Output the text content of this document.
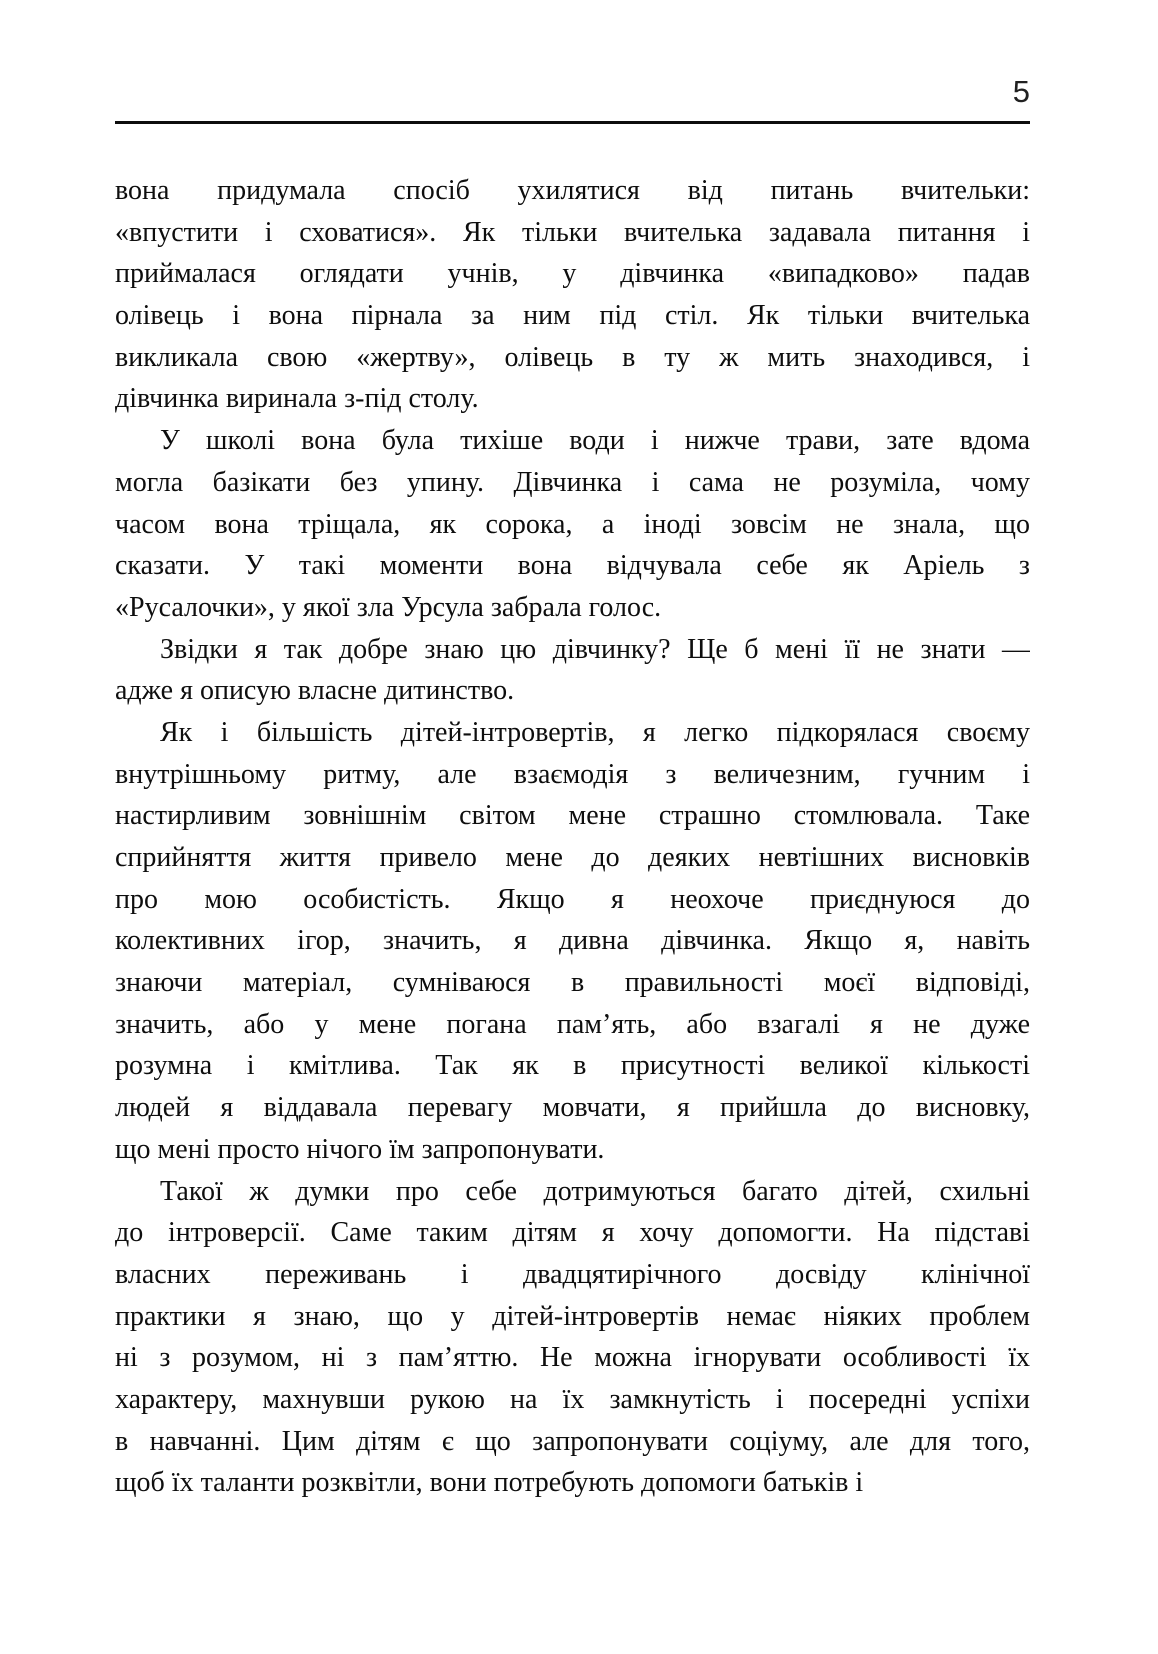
5
вона придумала спосіб ухилятися від питань вчительки:
«впустити і сховатися». Як тільки вчителька задавала питання і
приймалася оглядати учнів, у дівчинка «випадково» падав
олівець і вона пірнала за ним під стіл. Як тільки вчителька
викликала свою «жертву», олівець в ту ж мить знаходився, і
дівчинка виринала з-під столу.
У школі вона була тихіше води і нижче трави, зате вдома
могла базікати без упину. Дівчинка і сама не розуміла, чому
часом вона тріщала, як сорока, а іноді зовсім не знала, що
сказати. У такі моменти вона відчувала себе як Аріель з
«Русалочки», у якої зла Урсула забрала голос.
Звідки я так добре знаю цю дівчинку? Ще б мені її не знати —
адже я описую власне дитинство.
Як і більшість дітей-інтровертів, я легко підкорялася своєму
внутрішньому ритму, але взаємодія з величезним, гучним і
настирливим зовнішнім світом мене страшно стомлювала. Таке
сприйняття життя привело мене до деяких невтішних висновків
про мою особистість. Якщо я неохоче приєднуюся до
колективних ігор, значить, я дивна дівчинка. Якщо я, навіть
знаючи матеріал, сумніваюся в правильності моєї відповіді,
значить, або у мене погана пам’ять, або взагалі я не дуже
розумна і кмітлива. Так як в присутності великої кількості
людей я віддавала перевагу мовчати, я прийшла до висновку,
що мені просто нічого їм запропонувати.
Такої ж думки про себе дотримуються багато дітей, схильні
до інтроверсії. Саме таким дітям я хочу допомогти. На підставі
власних переживань і двадцятирічного досвіду клінічної
практики я знаю, що у дітей-інтровертів немає ніяких проблем
ні з розумом, ні з пам’яттю. Не можна ігнорувати особливості їх
характеру, махнувши рукою на їх замкнутість і посередні успіхи
в навчанні. Цим дітям є що запропонувати соціуму, але для того,
щоб їх таланти розквітли, вони потребують допомоги батьків і
